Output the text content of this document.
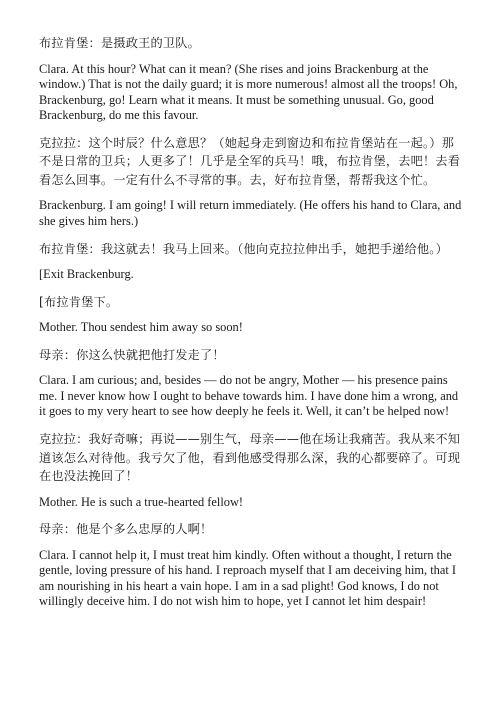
布拉肯堡：是摄政王的卫队。

Clara. At this hour? What can it mean? (She rises and joins Brackenburg at the window.) That is not the daily guard; it is more numerous! almost all the troops! Oh, Brackenburg, go! Learn what it means. It must be something unusual. Go, good Brackenburg, do me this favour.

克拉拉：这个时辰？什么意思？（她起身走到窗边和布拉肯堡站在一起。）那不是日常的卫兵；人更多了！几乎是全军的兵马！哦，布拉肯堡，去吧！去看看怎么回事。一定有什么不寻常的事。去，好布拉肯堡，帮帮我这个忙。

Brackenburg. I am going! I will return immediately. (He offers his hand to Clara, and she gives him hers.)

布拉肯堡：我这就去！我马上回来。（他向克拉拉伸出手，她把手递给他。）

[Exit Brackenburg.

[布拉肯堡下。

Mother. Thou sendest him away so soon!

母亲：你这么快就把他打发走了！

Clara. I am curious; and, besides — do not be angry, Mother — his presence pains me. I never know how I ought to behave towards him. I have done him a wrong, and it goes to my very heart to see how deeply he feels it. Well, it can’t be helped now!

克拉拉：我好奇嘛；再说——别生气，母亲——他在场让我痛苦。我从来不知道该怎么对待他。我亏欠了他，看到他感受得那么深，我的心都要碎了。可现在也没法挽回了！

Mother. He is such a true-hearted fellow!

母亲：他是个多么忠厚的人啊！

Clara. I cannot help it, I must treat him kindly. Often without a thought, I return the gentle, loving pressure of his hand. I reproach myself that I am deceiving him, that I am nourishing in his heart a vain hope. I am in a sad plight! God knows, I do not willingly deceive him. I do not wish him to hope, yet I cannot let him despair!
